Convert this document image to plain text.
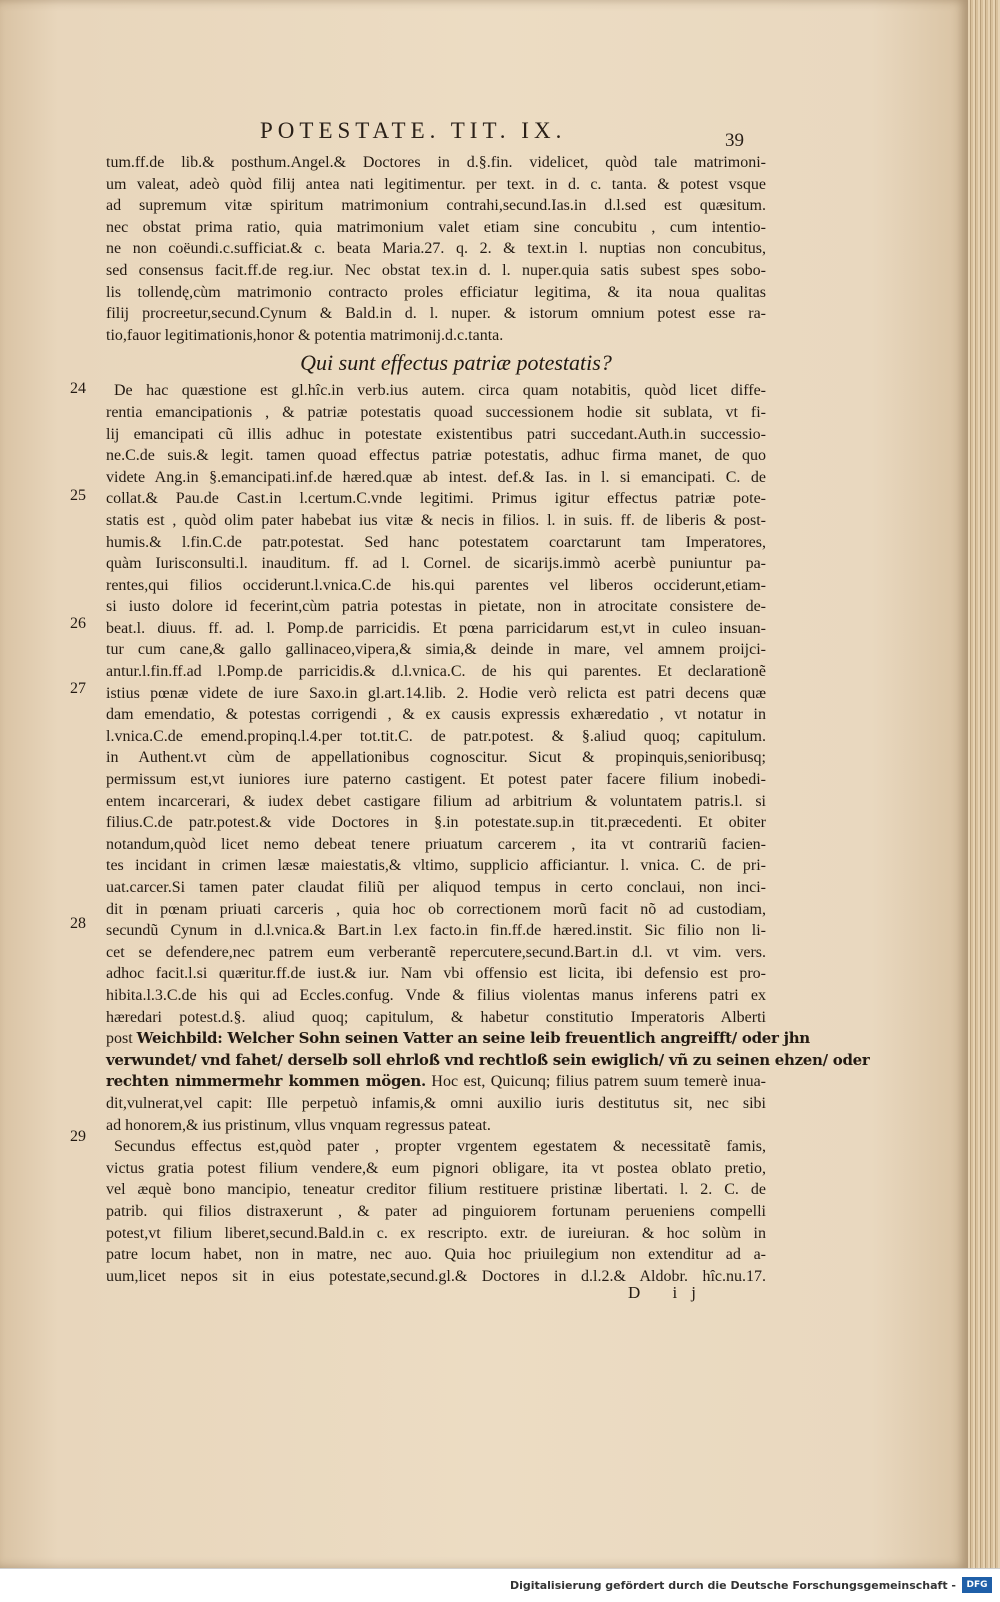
POTESTATE. TIT. IX.	39
24
25
26
27
28
29
tum.ff.de lib.& posthum.Angel.& Doctores in d.§.fin. videlicet, quòd tale matrimoni-
um valeat, adeò quòd filij antea nati legitimentur. per text. in d. c. tanta. & potest vsque
ad supremum vitæ spiritum matrimonium contrahi,secund.Ias.in d.l.sed est quæsitum.
nec obstat prima ratio, quia matrimonium valet etiam sine concubitu , cum intentio-
ne non coëundi.c.sufficiat.& c. beata Maria.27. q. 2. & text.in l. nuptias non concubitus,
sed consensus facit.ff.de reg.iur. Nec obstat tex.in d. l. nuper.quia satis subest spes sobo-
lis tollendę,cùm matrimonio contracto proles efficiatur legitima, & ita noua qualitas
filij procreetur,secund.Cynum & Bald.in d. l. nuper. & istorum omnium potest esse ra-
tio,fauor legitimationis,honor & potentia matrimonij.d.c.tanta.
Qui sunt effectus patriæ potestatis?
De hac quæstione est gl.hîc.in verb.ius autem. circa quam notabitis, quòd licet diffe-
rentia emancipationis , & patriæ potestatis quoad successionem hodie sit sublata, vt fi-
lij emancipati cũ illis adhuc in potestate existentibus patri succedant.Auth.in successio-
ne.C.de suis.& legit. tamen quoad effectus patriæ potestatis, adhuc firma manet, de quo
videte Ang.in §.emancipati.inf.de hæred.quæ ab intest. def.& Ias. in l. si emancipati. C. de
collat.& Pau.de Cast.in l.certum.C.vnde legitimi. Primus igitur effectus patriæ pote-
statis est , quòd olim pater habebat ius vitæ & necis in filios. l. in suis. ff. de liberis & post-
humis.& l.fin.C.de patr.potestat. Sed hanc potestatem coarctarunt tam Imperatores,
quàm Iurisconsulti.l. inauditum. ff. ad l. Cornel. de sicarijs.immò acerbè puniuntur pa-
rentes,qui filios occiderunt.l.vnica.C.de his.qui parentes vel liberos occiderunt,etiam-
si iusto dolore id fecerint,cùm patria potestas in pietate, non in atrocitate consistere de-
beat.l. diuus. ff. ad. l. Pomp.de parricidis. Et pœna parricidarum est,vt in culeo insuan-
tur cum cane,& gallo gallinaceo,vipera,& simia,& deinde in mare, vel amnem proijci-
antur.l.fin.ff.ad l.Pomp.de parricidis.& d.l.vnica.C. de his qui parentes. Et declarationẽ
istius pœnæ videte de iure Saxo.in gl.art.14.lib. 2. Hodie verò relicta est patri decens quæ
dam emendatio, & potestas corrigendi , & ex causis expressis exhæredatio , vt notatur in
l.vnica.C.de emend.propinq.l.4.per tot.tit.C. de patr.potest. & §.aliud quoq; capitulum.
in Authent.vt cùm de appellationibus cognoscitur. Sicut & propinquis,senioribusq;
permissum est,vt iuniores iure paterno castigent. Et potest pater facere filium inobedi-
entem incarcerari, & iudex debet castigare filium ad arbitrium & voluntatem patris.l. si
filius.C.de patr.potest.& vide Doctores in §.in potestate.sup.in tit.præcedenti. Et obiter
notandum,quòd licet nemo debeat tenere priuatum carcerem , ita vt contrariũ facien-
tes incidant in crimen læsæ maiestatis,& vltimo, supplicio afficiantur. l. vnica. C. de pri-
uat.carcer.Si tamen pater claudat filiũ per aliquod tempus in certo conclaui, non inci-
dit in pœnam priuati carceris , quia hoc ob correctionem morũ facit nõ ad custodiam,
secundũ Cynum in d.l.vnica.& Bart.in l.ex facto.in fin.ff.de hæred.instit. Sic filio non li-
cet se defendere,nec patrem eum verberantẽ repercutere,secund.Bart.in d.l. vt vim. vers.
adhoc facit.l.si quæritur.ff.de iust.& iur. Nam vbi offensio est licita, ibi defensio est pro-
hibita.l.3.C.de his qui ad Eccles.confug. Vnde & filius violentas manus inferens patri ex
hæredari potest.d.§. aliud quoq; capitulum, & habetur constitutio Imperatoris Alberti
post Weichbild: Welcher Sohn seinen Vatter an seine leib freuentlich angreifft/ oder jhn
verwundet/ vnd fahet/ derselb soll ehrloß vnd rechtloß sein ewiglich/ vñ zu seinen ehzen/ oder
rechten nimmermehr kommen mögen. Hoc est, Quicunq; filius patrem suum temerè inua-
dit,vulnerat,vel capit: Ille perpetuò infamis,& omni auxilio iuris destitutus sit, nec sibi
ad honorem,& ius pristinum, vllus vnquam regressus pateat.
Secundus effectus est,quòd pater , propter vrgentem egestatem & necessitatẽ famis,
victus gratia potest filium vendere,& eum pignori obligare, ita vt postea oblato pretio,
vel æquè bono mancipio, teneatur creditor filium restituere pristinæ libertati. l. 2. C. de
patrib. qui filios distraxerunt , & pater ad pinguiorem fortunam perueniens compelli
potest,vt filium liberet,secund.Bald.in c. ex rescripto. extr. de iureiuran. & hoc solùm in
patre locum habet, non in matre, nec auo. Quia hoc priuilegium non extenditur ad a-
uum,licet nepos sit in eius potestate,secund.gl.& Doctores in d.l.2.& Aldobr. hîc.nu.17.
D ij
Digitalisierung gefördert durch die Deutsche Forschungsgemeinschaft -	DFG
